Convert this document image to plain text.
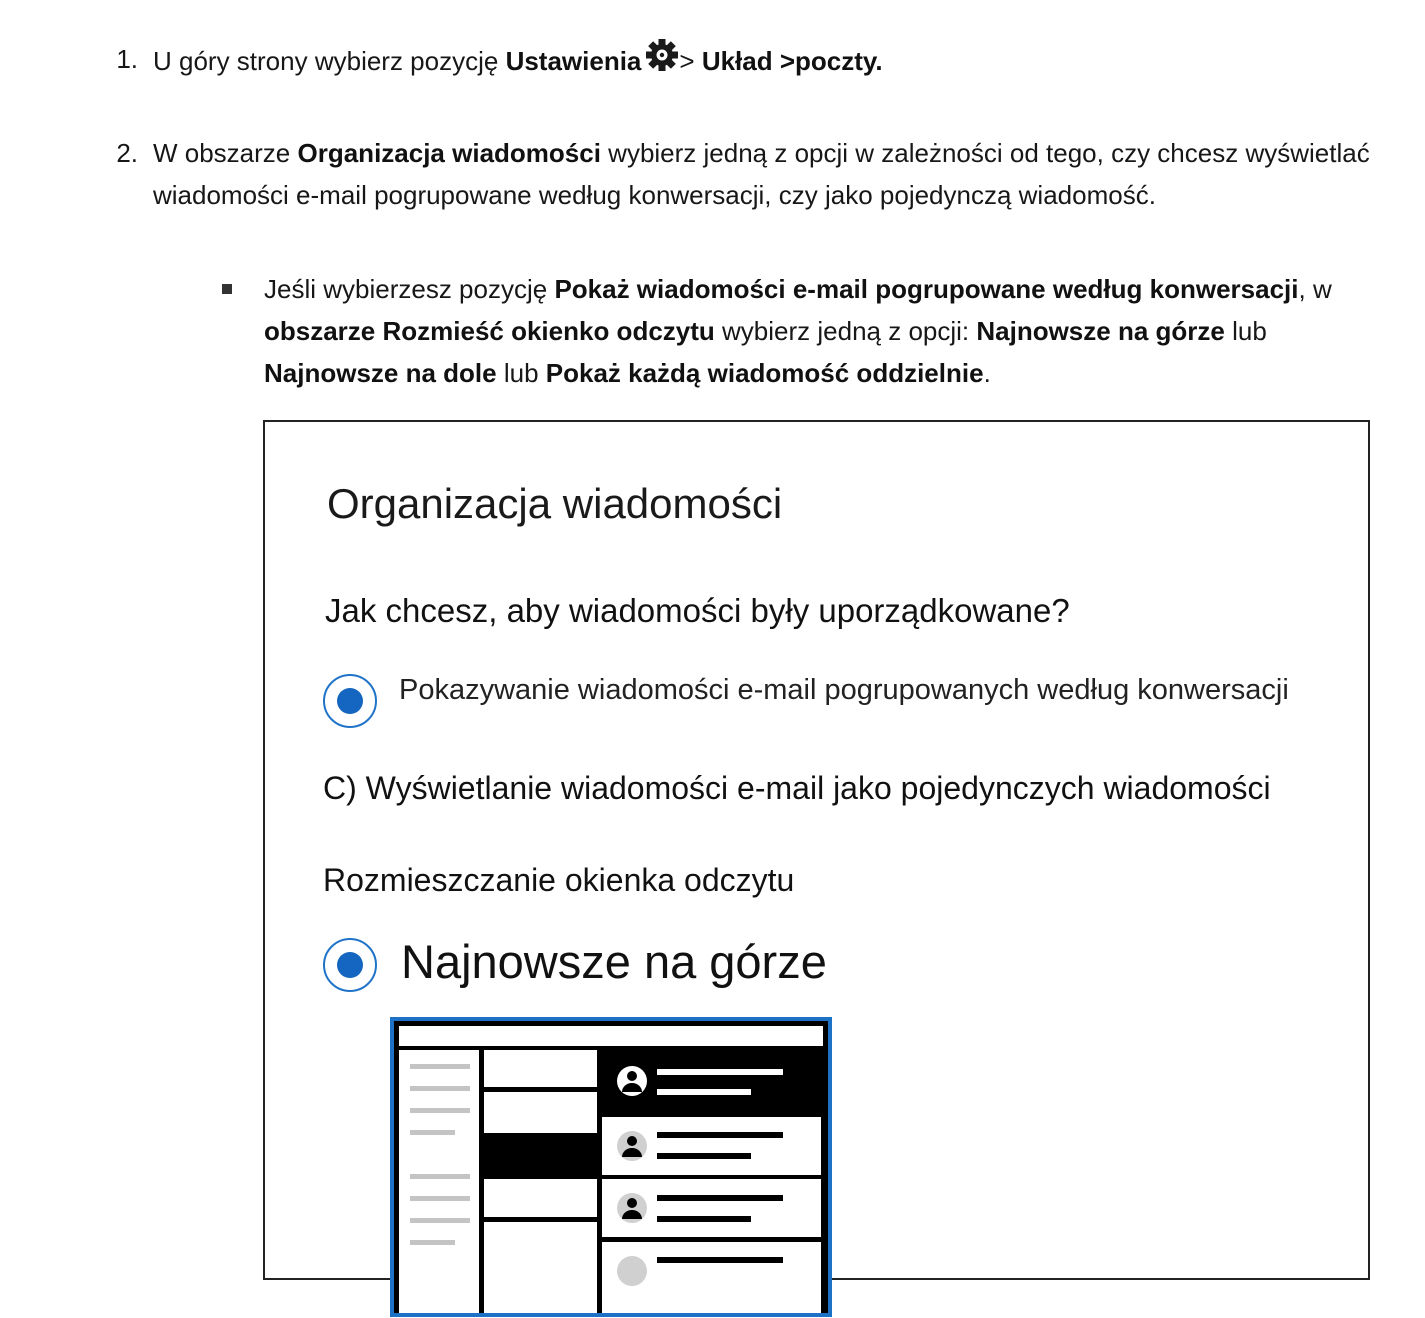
1. U góry strony wybierz pozycję Ustawienia > Układ >poczty.
2. W obszarze Organizacja wiadomości wybierz jedną z opcji w zależności od tego, czy chcesz wyświetlać wiadomości e-mail pogrupowane według konwersacji, czy jako pojedynczą wiadomość.
Jeśli wybierzesz pozycję Pokaż wiadomości e-mail pogrupowane według konwersacji, w obszarze Rozmieść okienko odczytu wybierz jedną z opcji: Najnowsze na górze lub Najnowsze na dole lub Pokaż każdą wiadomość oddzielnie.
Organizacja wiadomości
Jak chcesz, aby wiadomości były uporządkowane?
Pokazywanie wiadomości e-mail pogrupowanych według konwersacji
C) Wyświetlanie wiadomości e-mail jako pojedynczych wiadomości
Rozmieszczanie okienka odczytu
Najnowsze na górze
